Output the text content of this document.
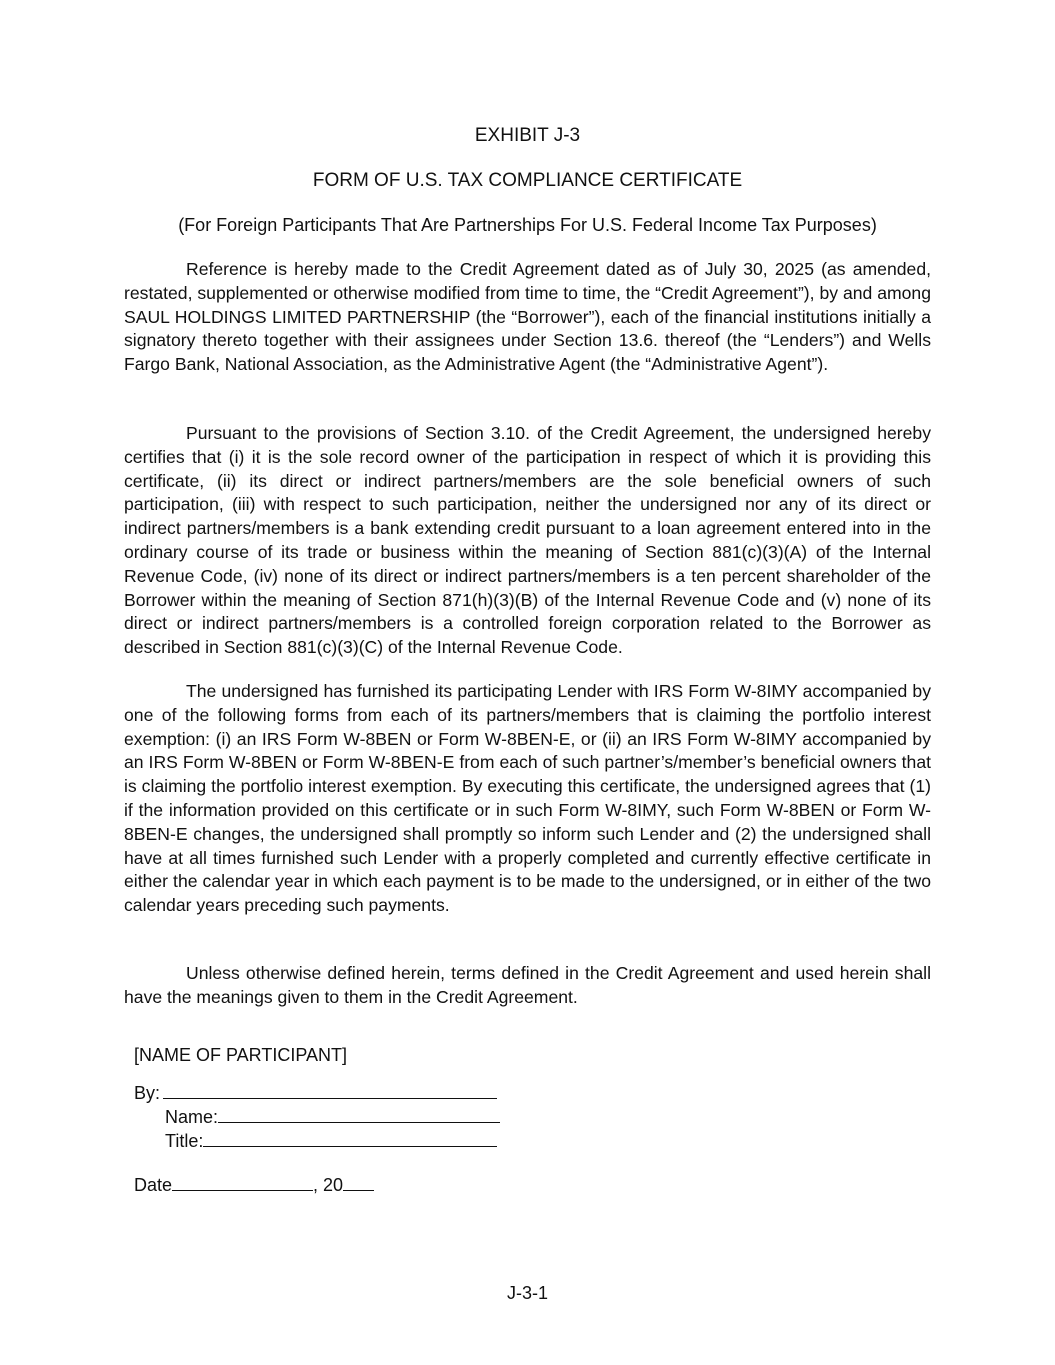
EXHIBIT J-3
FORM OF U.S. TAX COMPLIANCE CERTIFICATE
(For Foreign Participants That Are Partnerships For U.S. Federal Income Tax Purposes)

Reference is hereby made to the Credit Agreement dated as of July 30, 2025 (as amended, restated, supplemented or otherwise modified from time to time, the “Credit Agreement”), by and among SAUL HOLDINGS LIMITED PARTNERSHIP (the “Borrower”), each of the financial institutions initially a signatory thereto together with their assignees under Section 13.6. thereof (the “Lenders”) and Wells Fargo Bank, National Association, as the Administrative Agent (the “Administrative Agent”).

Pursuant to the provisions of Section 3.10. of the Credit Agreement, the undersigned hereby certifies that (i) it is the sole record owner of the participation in respect of which it is providing this certificate, (ii) its direct or indirect partners/members are the sole beneficial owners of such participation, (iii) with respect to such participation, neither the undersigned nor any of its direct or indirect partners/members is a bank extending credit pursuant to a loan agreement entered into in the ordinary course of its trade or business within the meaning of Section 881(c)(3)(A) of the Internal Revenue Code, (iv) none of its direct or indirect partners/members is a ten percent shareholder of the Borrower within the meaning of Section 871(h)(3)(B) of the Internal Revenue Code and (v) none of its direct or indirect partners/members is a controlled foreign corporation related to the Borrower as described in Section 881(c)(3)(C) of the Internal Revenue Code.

The undersigned has furnished its participating Lender with IRS Form W-8IMY accompanied by one of the following forms from each of its partners/members that is claiming the portfolio interest exemption: (i) an IRS Form W-8BEN or Form W-8BEN-E, or (ii) an IRS Form W-8IMY accompanied by an IRS Form W-8BEN or Form W-8BEN-E from each of such partner’s/member’s beneficial owners that is claiming the portfolio interest exemption. By executing this certificate, the undersigned agrees that (1) if the information provided on this certificate or in such Form W-8IMY, such Form W-8BEN or Form W-8BEN-E changes, the undersigned shall promptly so inform such Lender and (2) the undersigned shall have at all times furnished such Lender with a properly completed and currently effective certificate in either the calendar year in which each payment is to be made to the undersigned, or in either of the two calendar years preceding such payments.

Unless otherwise defined herein, terms defined in the Credit Agreement and used herein shall have the meanings given to them in the Credit Agreement.

[NAME OF PARTICIPANT]
By:
Name:
Title:
Date	, 20
J-3-1
